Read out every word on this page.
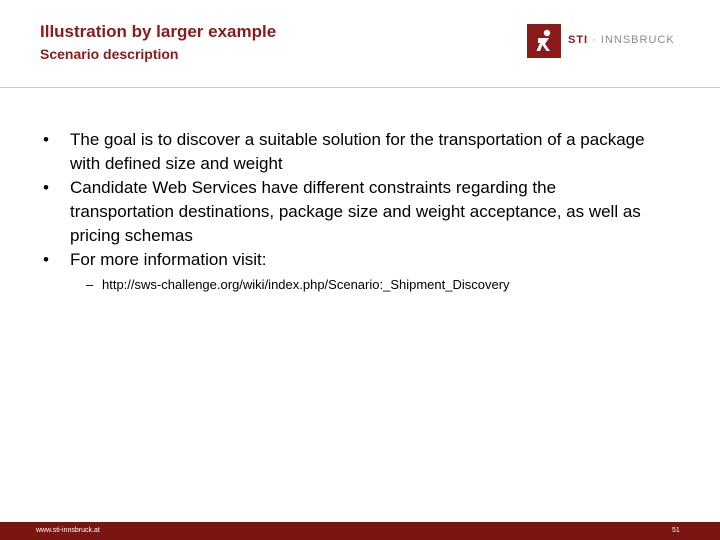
Illustration by larger example
Scenario description
STI · INNSBRUCK
• The goal is to discover a suitable solution for the transportation of a package with defined size and weight
• Candidate Web Services have different constraints regarding the transportation destinations, package size and weight acceptance, as well as pricing schemas
• For more information visit:
– http://sws-challenge.org/wiki/index.php/Scenario:_Shipment_Discovery
www.sti-innsbruck.at	51
